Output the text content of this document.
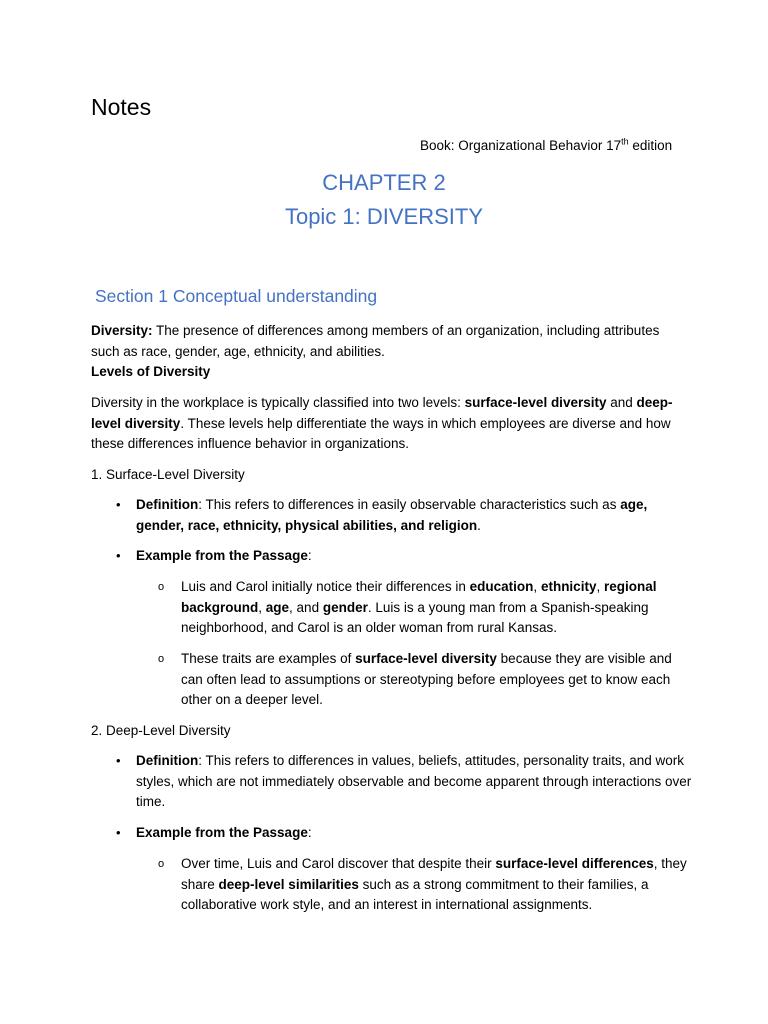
Notes
Book: Organizational Behavior 17th edition
CHAPTER 2
Topic 1: DIVERSITY
Section 1 Conceptual understanding
Diversity: The presence of differences among members of an organization, including attributes such as race, gender, age, ethnicity, and abilities.
Levels of Diversity
Diversity in the workplace is typically classified into two levels: surface-level diversity and deep-level diversity. These levels help differentiate the ways in which employees are diverse and how these differences influence behavior in organizations.
1. Surface-Level Diversity
• Definition: This refers to differences in easily observable characteristics such as age, gender, race, ethnicity, physical abilities, and religion.
• Example from the Passage:
o Luis and Carol initially notice their differences in education, ethnicity, regional background, age, and gender. Luis is a young man from a Spanish-speaking neighborhood, and Carol is an older woman from rural Kansas.
o These traits are examples of surface-level diversity because they are visible and can often lead to assumptions or stereotyping before employees get to know each other on a deeper level.
2. Deep-Level Diversity
• Definition: This refers to differences in values, beliefs, attitudes, personality traits, and work styles, which are not immediately observable and become apparent through interactions over time.
• Example from the Passage:
o Over time, Luis and Carol discover that despite their surface-level differences, they share deep-level similarities such as a strong commitment to their families, a collaborative work style, and an interest in international assignments.
